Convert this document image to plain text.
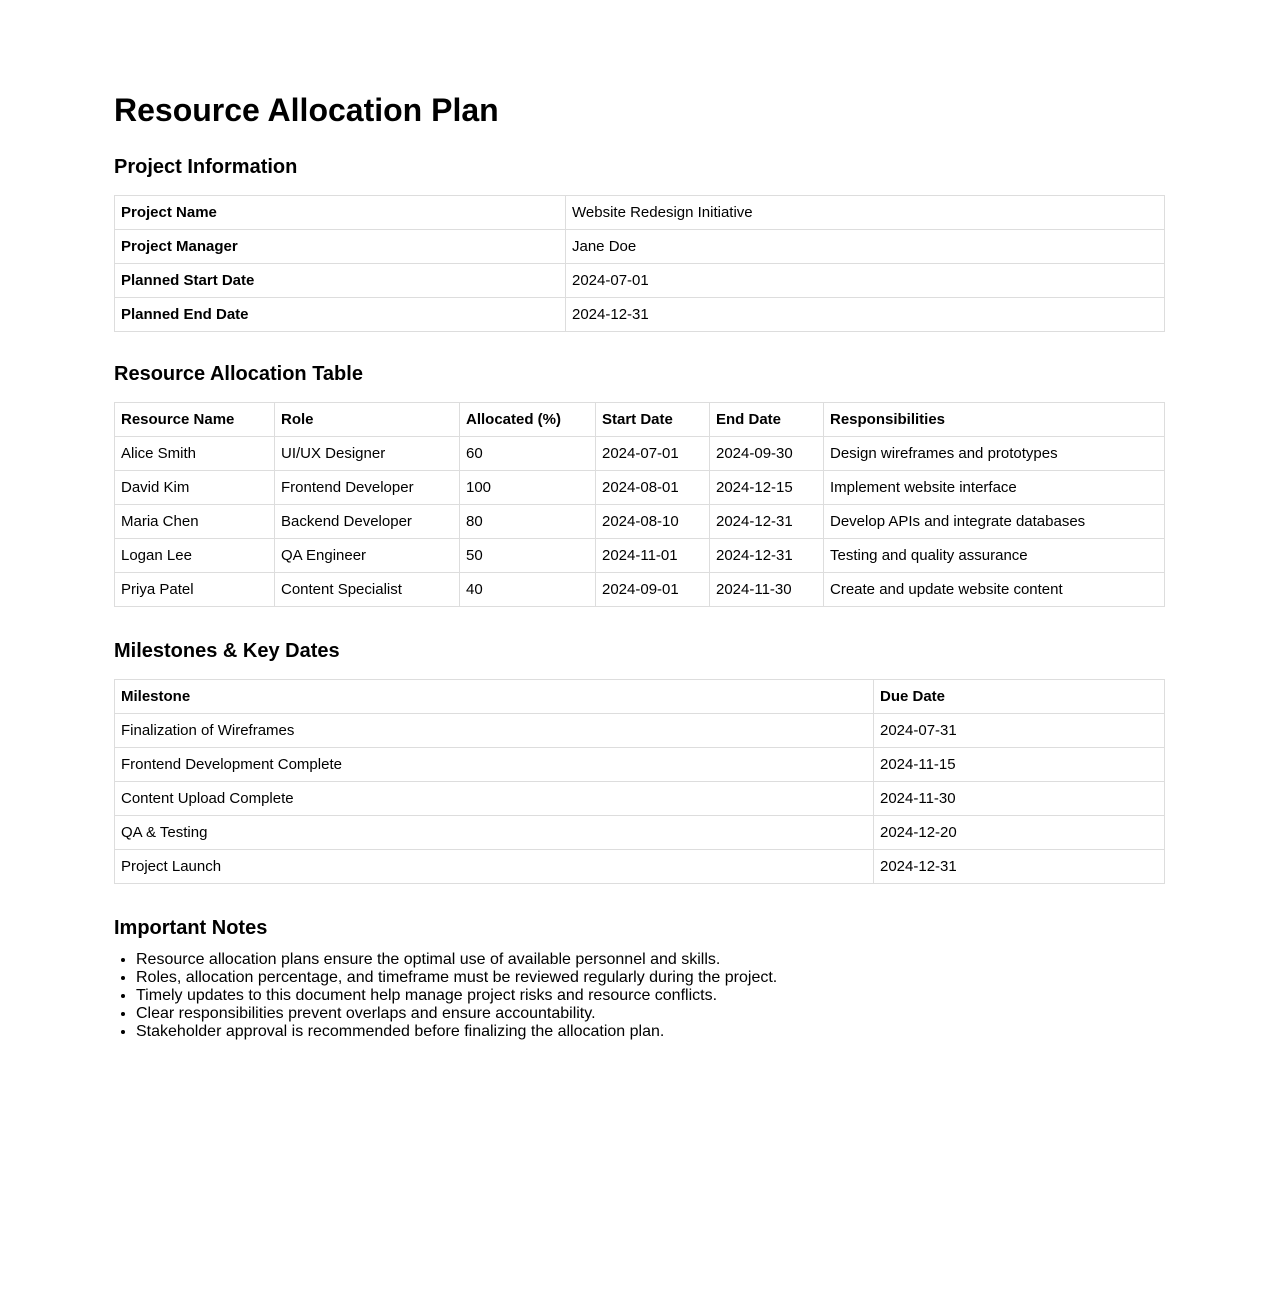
Resource Allocation Plan
Project Information
Project Name	Website Redesign Initiative
Project Manager	Jane Doe
Planned Start Date	2024-07-01
Planned End Date	2024-12-31
Resource Allocation Table
Resource Name	Role	Allocated (%)	Start Date	End Date	Responsibilities
Alice Smith	UI/UX Designer	60	2024-07-01	2024-09-30	Design wireframes and prototypes
David Kim	Frontend Developer	100	2024-08-01	2024-12-15	Implement website interface
Maria Chen	Backend Developer	80	2024-08-10	2024-12-31	Develop APIs and integrate databases
Logan Lee	QA Engineer	50	2024-11-01	2024-12-31	Testing and quality assurance
Priya Patel	Content Specialist	40	2024-09-01	2024-11-30	Create and update website content
Milestones & Key Dates
Milestone	Due Date
Finalization of Wireframes	2024-07-31
Frontend Development Complete	2024-11-15
Content Upload Complete	2024-11-30
QA & Testing	2024-12-20
Project Launch	2024-12-31
Important Notes
• Resource allocation plans ensure the optimal use of available personnel and skills.
• Roles, allocation percentage, and timeframe must be reviewed regularly during the project.
• Timely updates to this document help manage project risks and resource conflicts.
• Clear responsibilities prevent overlaps and ensure accountability.
• Stakeholder approval is recommended before finalizing the allocation plan.
